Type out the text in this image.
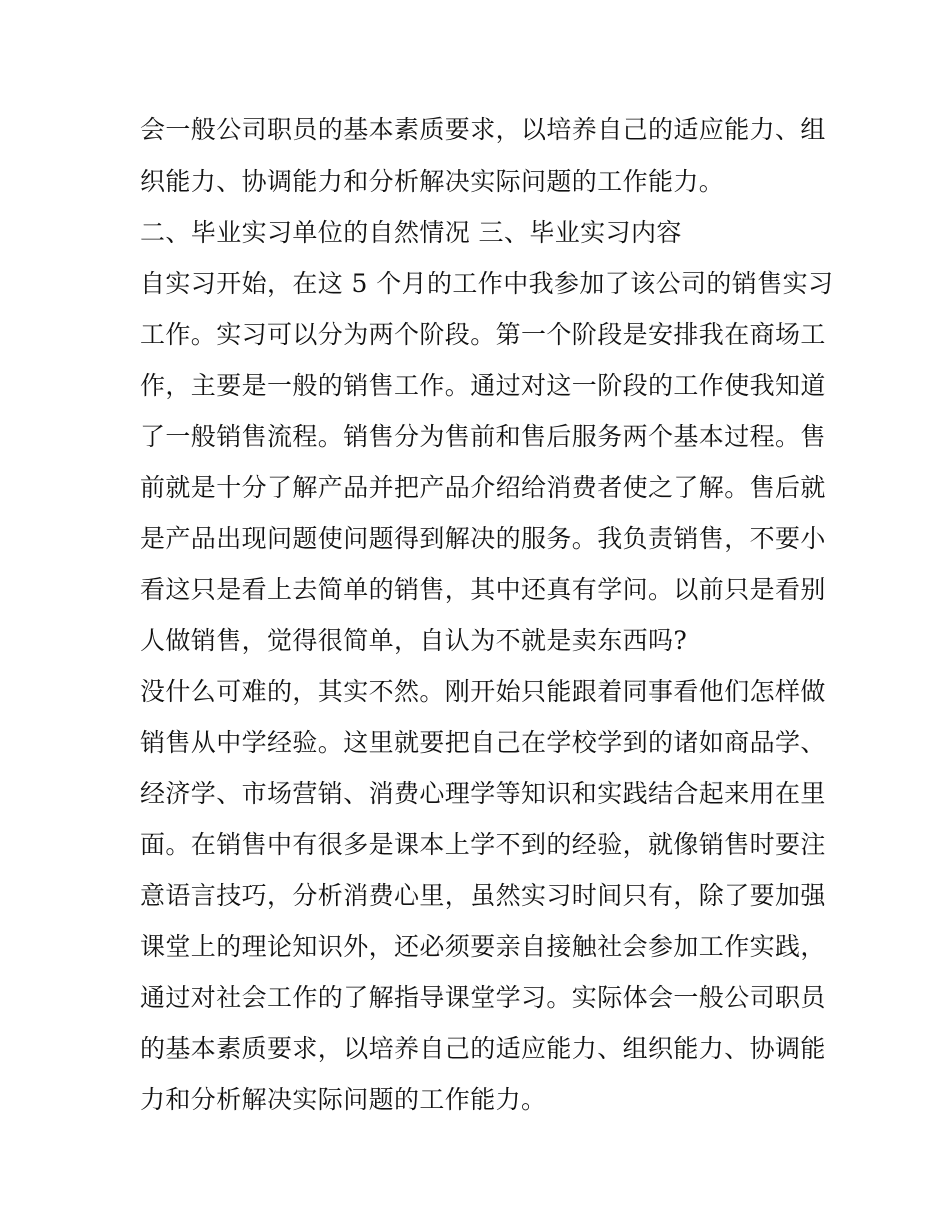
会一般公司职员的基本素质要求，以培养自己的适应能力、组
织能力、协调能力和分析解决实际问题的工作能力。
二、毕业实习单位的自然情况 三、毕业实习内容
自实习开始，在这 5 个月的工作中我参加了该公司的销售实习
工作。实习可以分为两个阶段。第一个阶段是安排我在商场工
作，主要是一般的销售工作。通过对这一阶段的工作使我知道
了一般销售流程。销售分为售前和售后服务两个基本过程。售
前就是十分了解产品并把产品介绍给消费者使之了解。售后就
是产品出现问题使问题得到解决的服务。我负责销售，不要小
看这只是看上去简单的销售，其中还真有学问。以前只是看别
人做销售，觉得很简单，自认为不就是卖东西吗?
没什么可难的，其实不然。刚开始只能跟着同事看他们怎样做
销售从中学经验。这里就要把自己在学校学到的诸如商品学、
经济学、市场营销、消费心理学等知识和实践结合起来用在里
面。在销售中有很多是课本上学不到的经验，就像销售时要注
意语言技巧，分析消费心里，虽然实习时间只有，除了要加强
课堂上的理论知识外，还必须要亲自接触社会参加工作实践，
通过对社会工作的了解指导课堂学习。实际体会一般公司职员
的基本素质要求，以培养自己的适应能力、组织能力、协调能
力和分析解决实际问题的工作能力。
